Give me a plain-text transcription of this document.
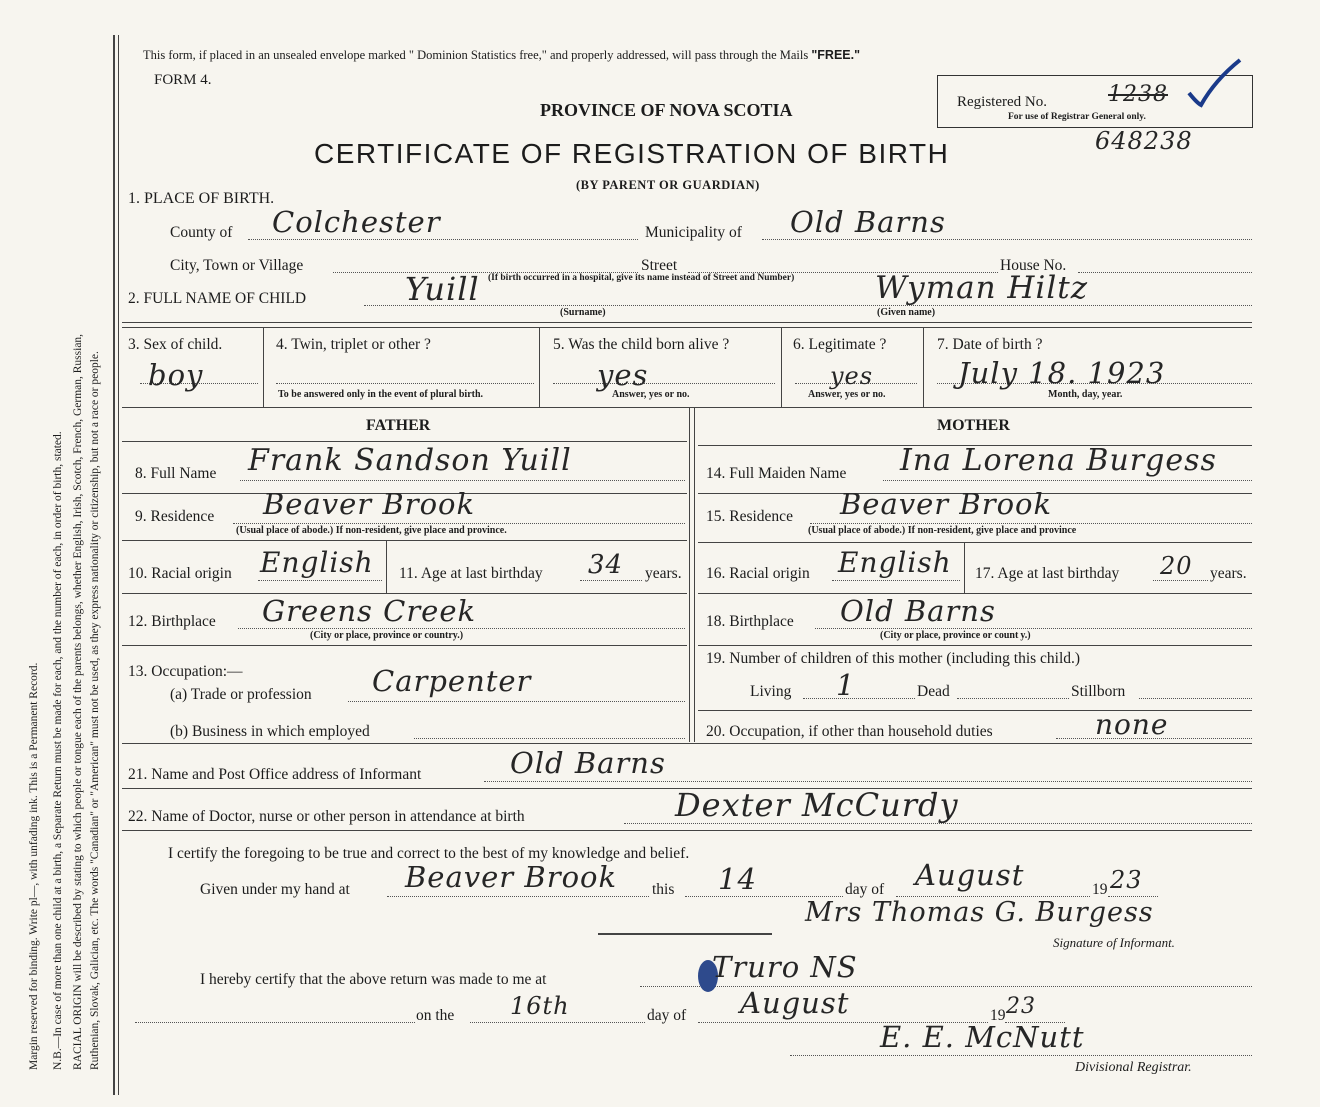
Margin reserved for binding. Write pl—, with unfading ink. This is a Permanent Record. N.B.—In case of more than one child at a birth, a Separate Return must be made for each, and the number of each, in order of birth, stated. RACIAL ORIGIN will be described by stating to which people or tongue each of the parents belongs, whether English, Irish, Scotch, French, German, Russian, Ruthenian, Slovak, Galician, etc. The words "Canadian" or "American" must not be used, as they express nationality or citizenship, but not a race or people.
This form, if placed in an unsealed envelope marked " Dominion Statistics free," and properly addressed, will pass through the Mails "FREE."
FORM 4.
PROVINCE OF NOVA SCOTIA
CERTIFICATE OF REGISTRATION OF BIRTH
(BY PARENT OR GUARDIAN)
Registered No.	1238
For use of Registrar General only.
648238
1. PLACE OF BIRTH.
County of Colchester	Municipality of Old Barns
City, Town or Village	Street	House No.
(If birth occurred in a hospital, give its name instead of Street and Number)
2. FULL NAME OF CHILD	Yuill
(Surname)
Wyman Hiltz
(Given name)
3. Sex of child.
boy
4. Twin, triplet or other ?
To be answered only in the event of plural birth.
5. Was the child born alive ?
yes
Answer, yes or no.
6. Legitimate ?
yes
Answer, yes or no.
7. Date of birth ?
July 18. 1923
Month, day, year.
FATHER	MOTHER
8. Full Name Frank Sandson Yuill	14. Full Maiden Name Ina Lorena Burgess
9. Residence Beaver Brook
(Usual place of abode.) If non-resident, give place and province.
15. Residence Beaver Brook
(Usual place of abode.) If non-resident, give place and province
10. Racial origin English 11. Age at last birthday 34 years. 16. Racial origin English 17. Age at last birthday 20 years.
12. Birthplace Greens Creek
(City or place, province or country.)
18. Birthplace Old Barns
(City or place, province or count y.)
13. Occupation:—
(a) Trade or profession Carpenter
19. Number of children of this mother (including this child.)
Living 1	Dead	Stillborn
(b) Business in which employed	20. Occupation, if other than household duties	none
21. Name and Post Office address of Informant	Old Barns
22. Name of Doctor, nurse or other person in attendance at birth	Dexter McCurdy
I certify the foregoing to be true and correct to the best of my knowledge and belief.
Given under my hand at Beaver Brook this 14	day of August	19 23
Mrs Thomas G. Burgess
Signature of Informant.
I hereby certify that the above return was made to me at	Truro NS
on the 16th	day of August	19 23
E. E. McNutt
Divisional Registrar.
